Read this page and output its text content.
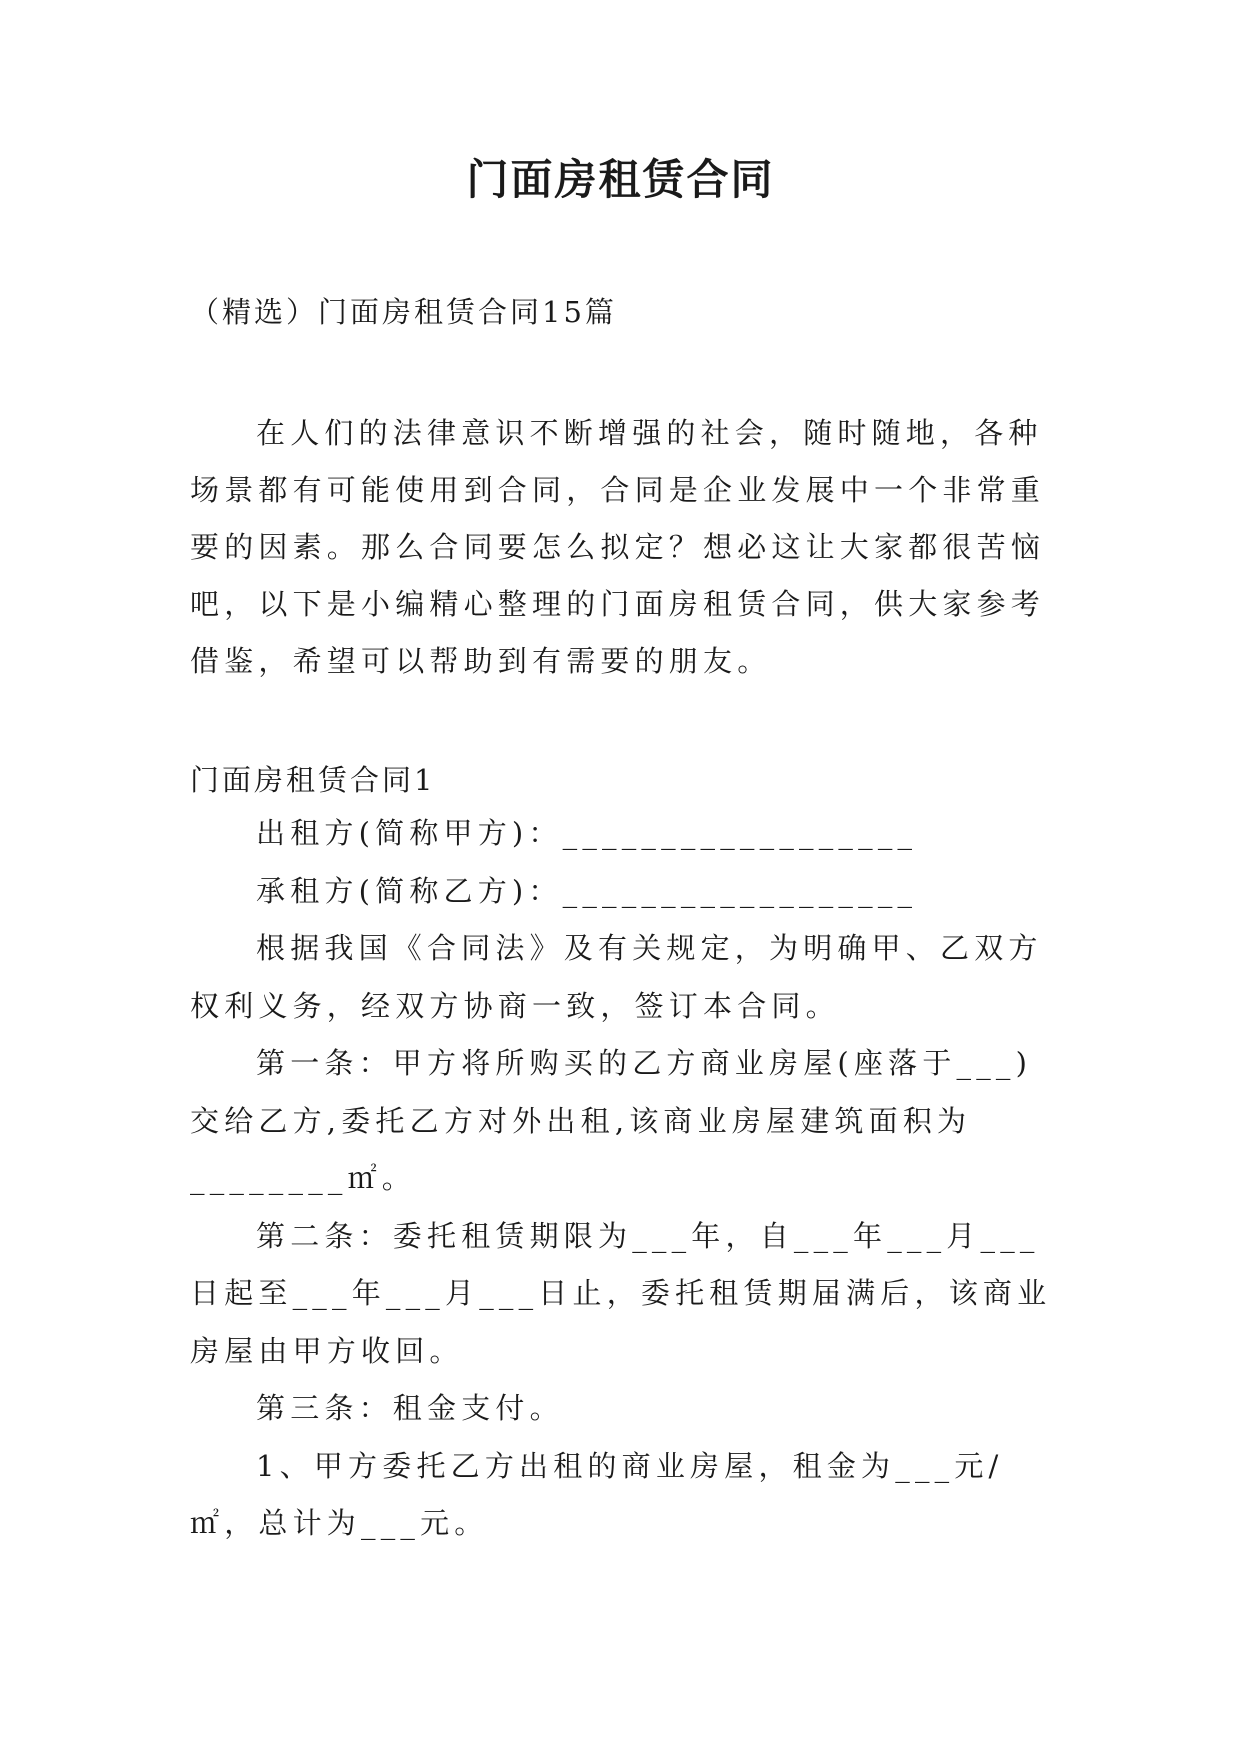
门面房租赁合同
（精选）门面房租赁合同15篇

在人们的法律意识不断增强的社会，随时随地，各种场景都有可能使用到合同，合同是企业发展中一个非常重要的因素。那么合同要怎么拟定？想必这让大家都很苦恼吧，以下是小编精心整理的门面房租赁合同，供大家参考借鉴，希望可以帮助到有需要的朋友。

门面房租赁合同1

出租方(简称甲方)：__________________

承租方(简称乙方)：__________________

根据我国《合同法》及有关规定，为明确甲、乙双方权利义务，经双方协商一致，签订本合同。

第一条：甲方将所购买的乙方商业房屋(座落于___)交给乙方,委托乙方对外出租,该商业房屋建筑面积为________㎡。

第二条：委托租赁期限为___年，自___年___月___日起至___年___月___日止，委托租赁期届满后，该商业房屋由甲方收回。

第三条：租金支付。

1、甲方委托乙方出租的商业房屋，租金为___元/㎡，总计为___元。
